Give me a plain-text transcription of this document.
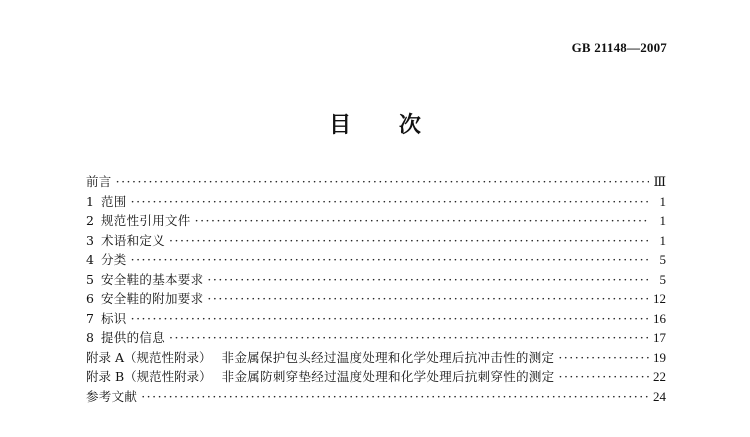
GB 21148—2007
目 次
前言 ·····	Ⅲ
1 范围 ·····	1
2 规范性引用文件 ·····	1
3 术语和定义 ·····	1
4 分类 ·····	5
5 安全鞋的基本要求 ·····	5
6 安全鞋的附加要求 ·····	12
7 标识 ·····	16
8 提供的信息 ·····	17
附录 A（规范性附录） 非金属保护包头经过温度处理和化学处理后抗冲击性的测定 ·····	19
附录 B（规范性附录） 非金属防刺穿垫经过温度处理和化学处理后抗刺穿性的测定 ·····	22
参考文献 ·····	24
